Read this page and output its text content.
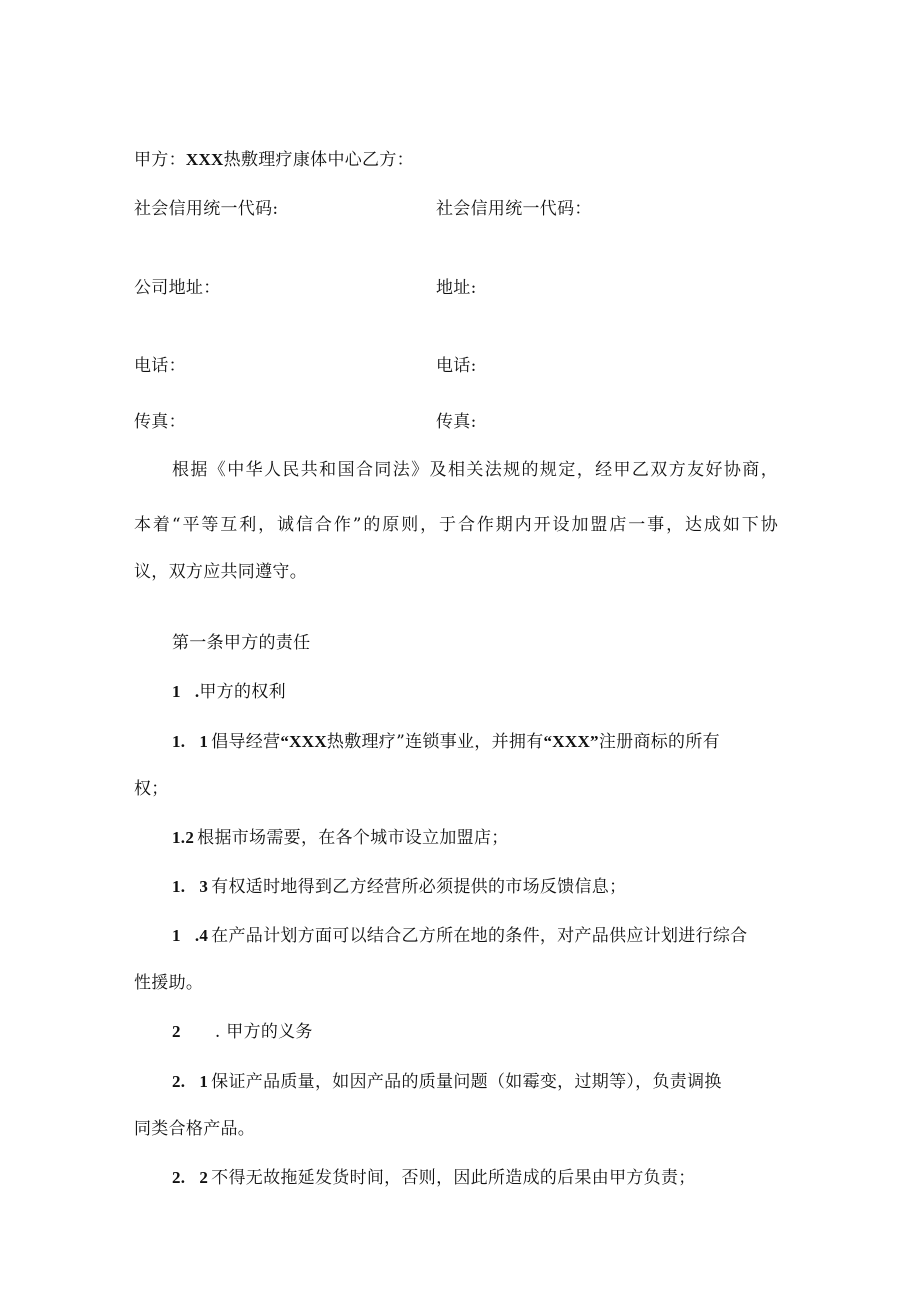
甲方：XXX热敷理疗康体中心乙方：
社会信用统一代码:	社会信用统一代码：
公司地址：	地址:
电话：	电话:
传真：	传真:
根据《中华人民共和国合同法》及相关法规的规定，经甲乙双方友好协商，
本着“平等互利，诚信合作”的原则，于合作期内开设加盟店一事，达成如下协
议，双方应共同遵守。
第一条甲方的责任
1 .甲方的权利
1. 1 倡导经营“XXX热敷理疗”连锁事业，并拥有“XXX”注册商标的所有
权；
1.2 根据市场需要，在各个城市设立加盟店；
1. 3 有权适时地得到乙方经营所必须提供的市场反馈信息；
1 .4 在产品计划方面可以结合乙方所在地的条件，对产品供应计划进行综合
性援助。
2 . 甲方的义务
2. 1 保证产品质量，如因产品的质量问题（如霉变，过期等），负责调换
同类合格产品。
2. 2 不得无故拖延发货时间，否则，因此所造成的后果由甲方负责；
